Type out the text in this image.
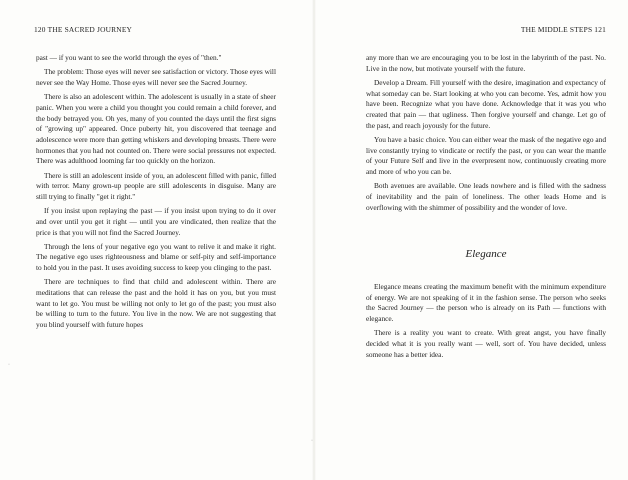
120 THE SACRED JOURNEY

past — if you want to see the world through the eyes of "then."

The problem: Those eyes will never see satisfaction or victory. Those eyes will never see the Way Home. Those eyes will never see the Sacred Journey.

There is also an adolescent within. The adolescent is usually in a state of sheer panic. When you were a child you thought you could remain a child forever, and the body betrayed you. Oh yes, many of you counted the days until the first signs of "growing up" appeared. Once puberty hit, you discovered that teenage and adolescence were more than getting whiskers and developing breasts. There were hormones that you had not counted on. There were social pressures not expected. There was adulthood looming far too quickly on the horizon.

There is still an adolescent inside of you, an adolescent filled with panic, filled with terror. Many grown-up people are still adolescents in disguise. Many are still trying to finally "get it right."

If you insist upon replaying the past — if you insist upon trying to do it over and over until you get it right — until you are vindicated, then realize that the price is that you will not find the Sacred Journey.

Through the lens of your negative ego you want to relive it and make it right. The negative ego uses righteousness and blame or self-pity and self-importance to hold you in the past. It uses avoiding success to keep you clinging to the past.

There are techniques to find that child and adolescent within. There are meditations that can release the past and the hold it has on you, but you must want to let go. You must be willing not only to let go of the past; you must also be willing to turn to the future. You live in the now. We are not suggesting that you blind yourself with future hopes

THE MIDDLE STEPS 121

any more than we are encouraging you to be lost in the labyrinth of the past. No. Live in the now, but motivate yourself with the future.

Develop a Dream. Fill yourself with the desire, imagination and expectancy of what someday can be. Start looking at who you can become. Yes, admit how you have been. Recognize what you have done. Acknowledge that it was you who created that pain — that ugliness. Then forgive yourself and change. Let go of the past, and reach joyously for the future.

You have a basic choice. You can either wear the mask of the negative ego and live constantly trying to vindicate or rectify the past, or you can wear the mantle of your Future Self and live in the everpresent now, continuously creating more and more of who you can be.

Both avenues are available. One leads nowhere and is filled with the sadness of inevitability and the pain of loneliness. The other leads Home and is overflowing with the shimmer of possibility and the wonder of love.

Elegance

Elegance means creating the maximum benefit with the minimum expenditure of energy. We are not speaking of it in the fashion sense. The person who seeks the Sacred Journey — the person who is already on its Path — functions with elegance.

There is a reality you want to create. With great angst, you have finally decided what it is you really want — well, sort of. You have decided, unless someone has a better idea.

·
·
